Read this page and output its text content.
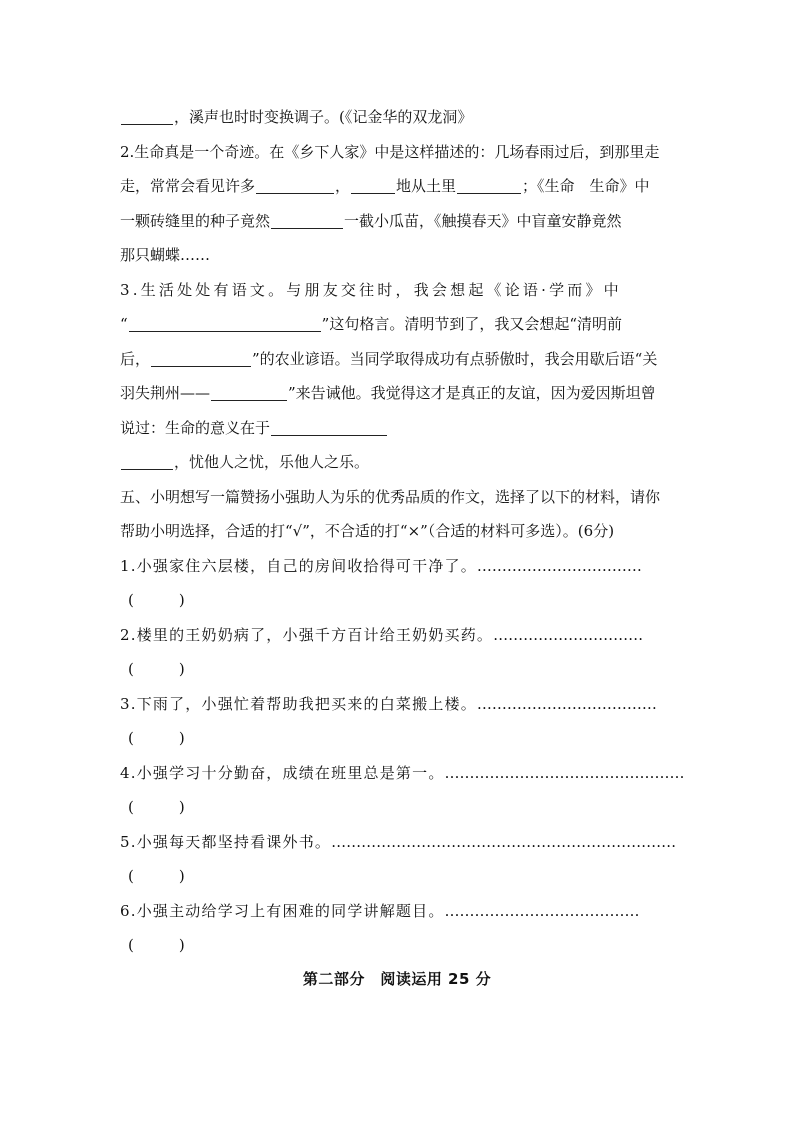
，溪声也时时变换调子。(《记金华的双龙洞》
2.生命真是一个奇迹。在《乡下人家》中是这样描述的：几场春雨过后，到那里走
走，常常会看见许多	，	地从土里	；《生命　生命》中
一颗砖缝里的种子竟然	一截小瓜苗，《触摸春天》中盲童安静竟然
那只蝴蝶……
3.生活处处有语文。与朋友交往时，我会想起《论语·学而》中
“	”这句格言。清明节到了，我又会想起“清明前
后，	”的农业谚语。当同学取得成功有点骄傲时，我会用歇后语“关
羽失荆州——	”来告诫他。我觉得这才是真正的友谊，因为爱因斯坦曾
说过：生命的意义在于
，忧他人之忧，乐他人之乐。
五、小明想写一篇赞扬小强助人为乐的优秀品质的作文，选择了以下的材料，请你
帮助小明选择，合适的打“√”，不合适的打“×”（合适的材料可多选）。(6分)
1.小强家住六层楼，自己的房间收拾得可干净了。……………………………
(　　　)
2.楼里的王奶奶病了，小强千方百计给王奶奶买药。…………………………
(　　　)
3.下雨了，小强忙着帮助我把买来的白菜搬上楼。………………………………
(　　　)
4.小强学习十分勤奋，成绩在班里总是第一。…………………………………………
(　　　)
5.小强每天都坚持看课外书。……………………………………………………………
(　　　)
6.小强主动给学习上有困难的同学讲解题目。…………………………………
(　　　)
第二部分　阅读运用 25 分
